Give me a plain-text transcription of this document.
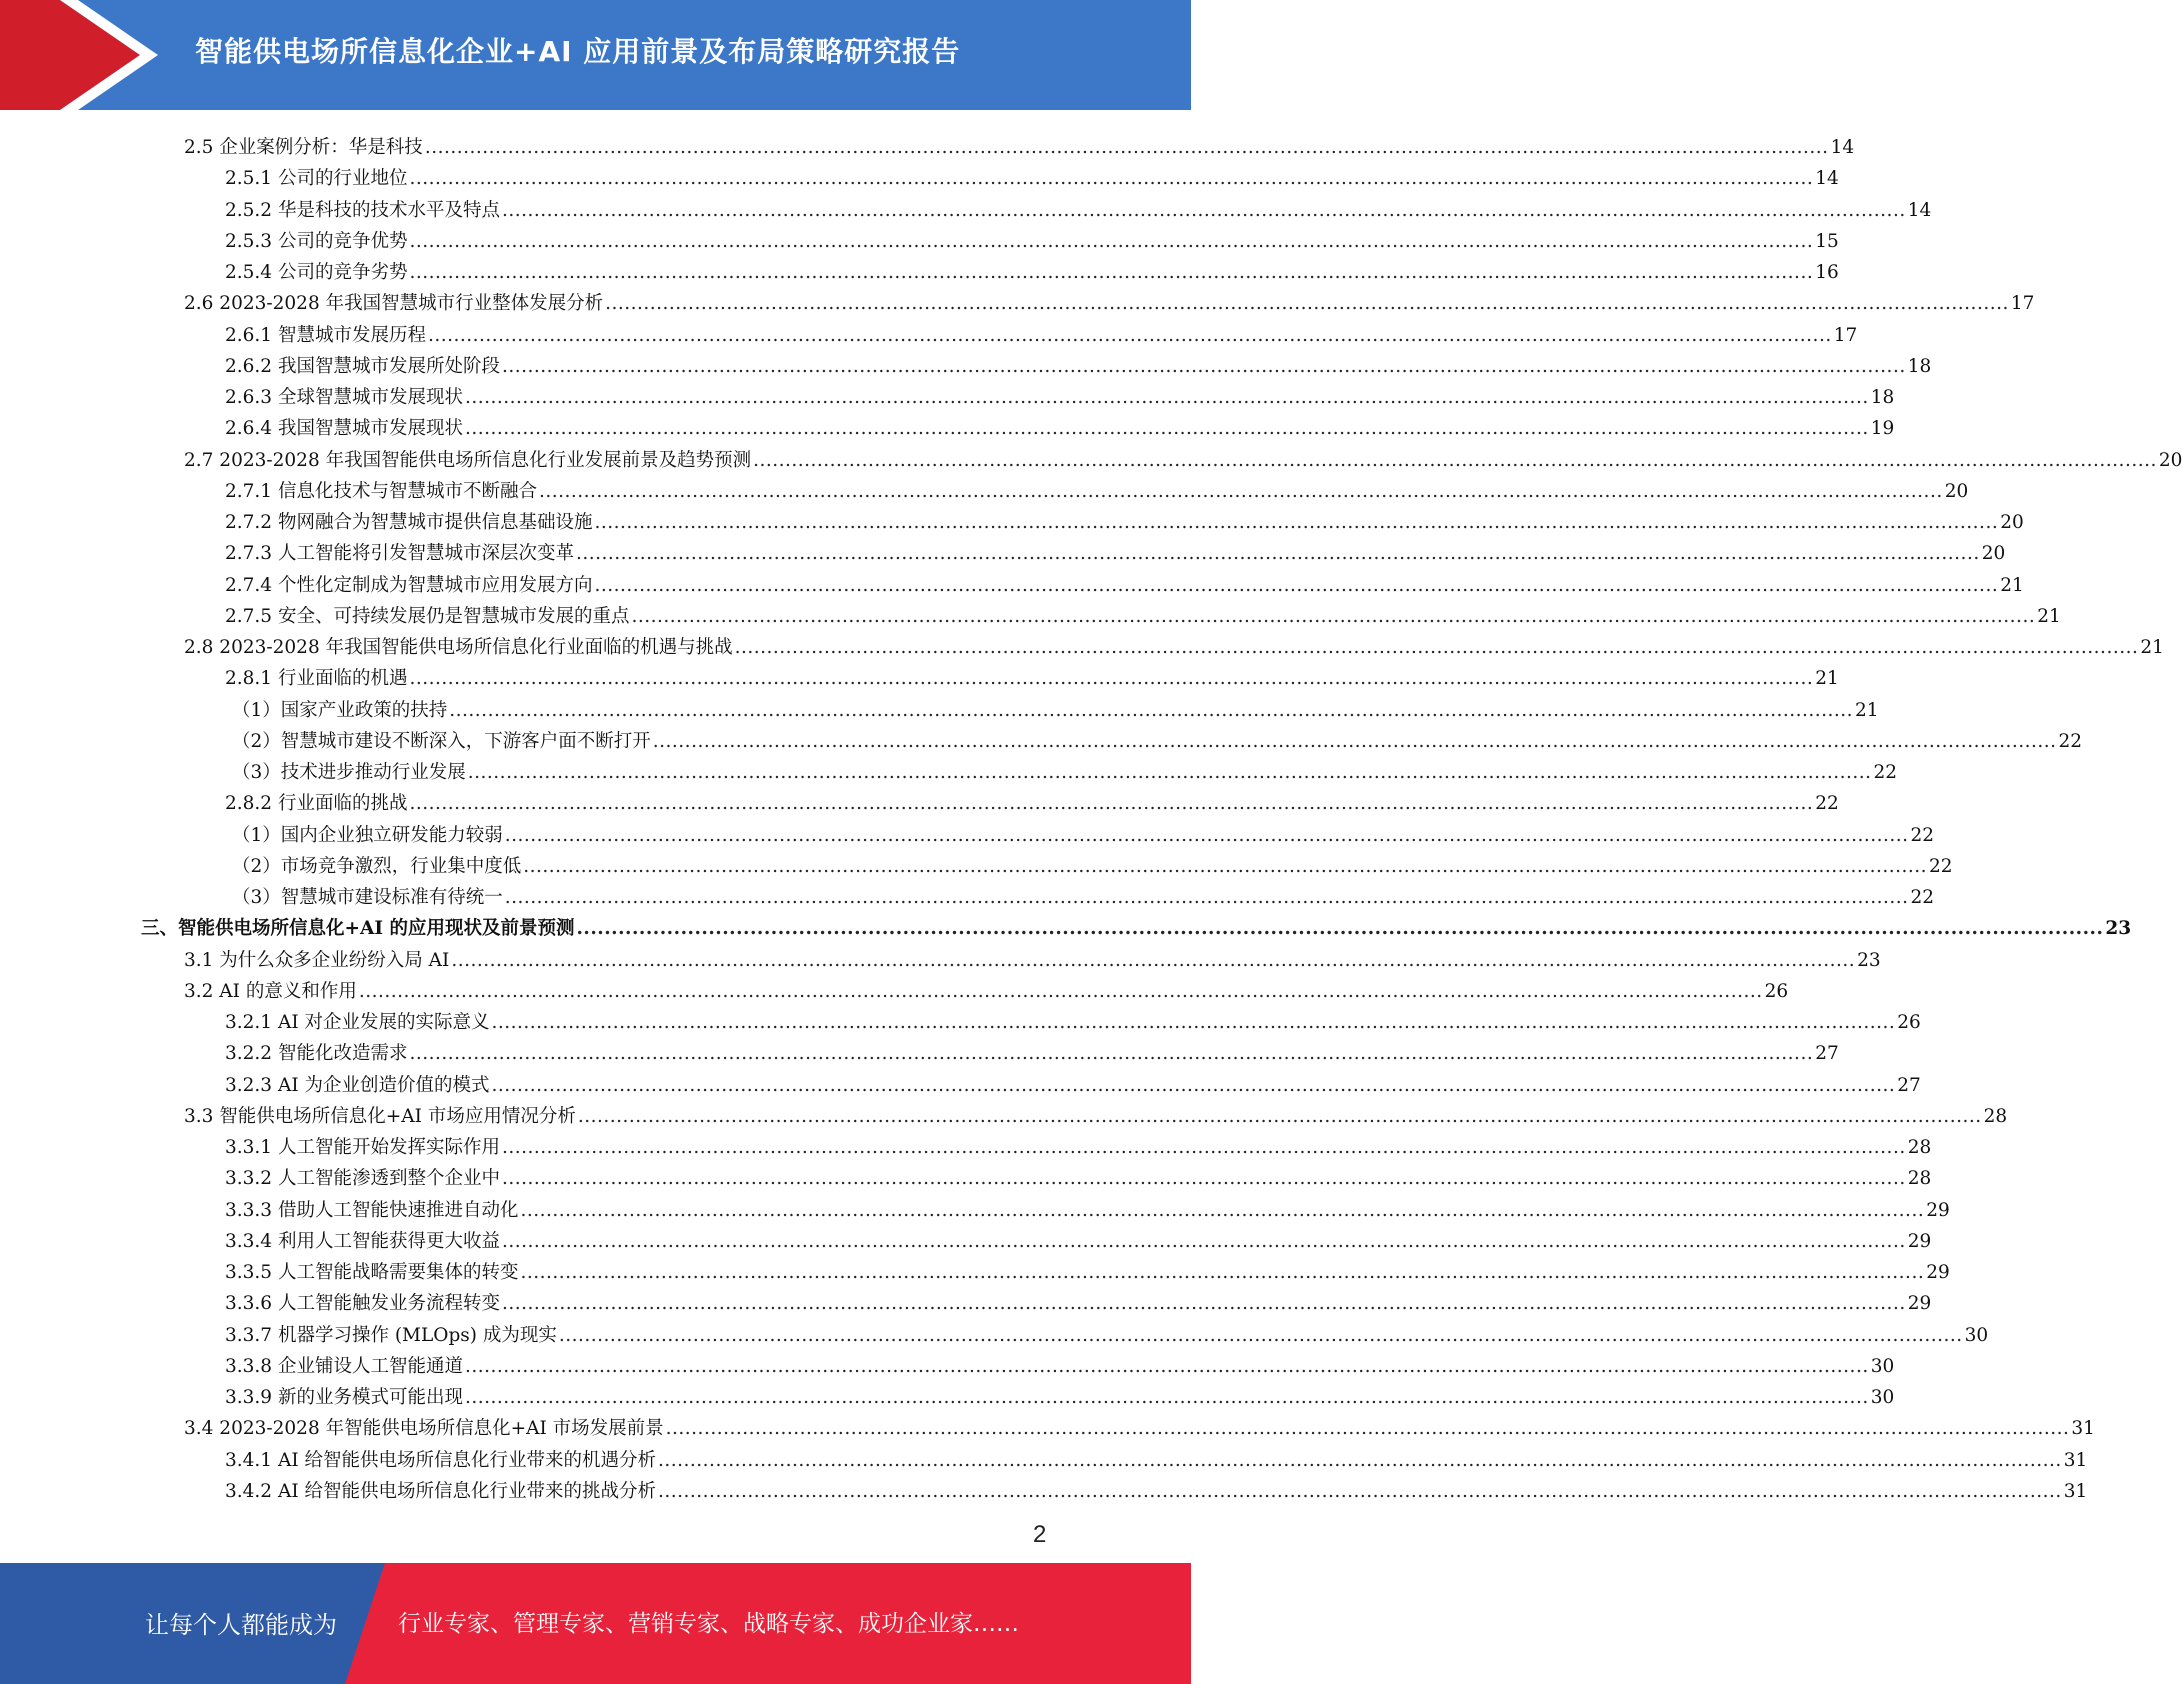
智能供电场所信息化企业+AI 应用前景及布局策略研究报告
2.5 企业案例分析：华是科技 ............................................................................................................................................................................................................................ 14
2.5.1 公司的行业地位 ............................................................................................................................................................................................................................ 14
2.5.2 华是科技的技术水平及特点 ............................................................................................................................................................................................................................ 14
2.5.3 公司的竞争优势 ............................................................................................................................................................................................................................ 15
2.5.4 公司的竞争劣势 ............................................................................................................................................................................................................................ 16
2.6 2023-2028 年我国智慧城市行业整体发展分析 ............................................................................................................................................................................................................................ 17
2.6.1 智慧城市发展历程 ............................................................................................................................................................................................................................ 17
2.6.2 我国智慧城市发展所处阶段 ............................................................................................................................................................................................................................ 18
2.6.3 全球智慧城市发展现状 ............................................................................................................................................................................................................................ 18
2.6.4 我国智慧城市发展现状 ............................................................................................................................................................................................................................ 19
2.7 2023-2028 年我国智能供电场所信息化行业发展前景及趋势预测 ............................................................................................................................................................................................................................ 20
2.7.1 信息化技术与智慧城市不断融合 ............................................................................................................................................................................................................................ 20
2.7.2 物网融合为智慧城市提供信息基础设施 ............................................................................................................................................................................................................................ 20
2.7.3 人工智能将引发智慧城市深层次变革 ............................................................................................................................................................................................................................ 20
2.7.4 个性化定制成为智慧城市应用发展方向 ............................................................................................................................................................................................................................ 21
2.7.5 安全、可持续发展仍是智慧城市发展的重点 ............................................................................................................................................................................................................................ 21
2.8 2023-2028 年我国智能供电场所信息化行业面临的机遇与挑战 ............................................................................................................................................................................................................................ 21
2.8.1 行业面临的机遇 ............................................................................................................................................................................................................................ 21
（1）国家产业政策的扶持 ............................................................................................................................................................................................................................ 21
（2）智慧城市建设不断深入，下游客户面不断打开 ............................................................................................................................................................................................................................ 22
（3）技术进步推动行业发展 ............................................................................................................................................................................................................................ 22
2.8.2 行业面临的挑战 ............................................................................................................................................................................................................................ 22
（1）国内企业独立研发能力较弱 ............................................................................................................................................................................................................................ 22
（2）市场竞争激烈，行业集中度低 ............................................................................................................................................................................................................................ 22
（3）智慧城市建设标准有待统一 ............................................................................................................................................................................................................................ 22
三、智能供电场所信息化+AI 的应用现状及前景预测 ............................................................................................................................................................................................................................ 23
3.1 为什么众多企业纷纷入局 AI ............................................................................................................................................................................................................................ 23
3.2 AI 的意义和作用 ............................................................................................................................................................................................................................ 26
3.2.1 AI 对企业发展的实际意义 ............................................................................................................................................................................................................................ 26
3.2.2 智能化改造需求 ............................................................................................................................................................................................................................ 27
3.2.3 AI 为企业创造价值的模式 ............................................................................................................................................................................................................................ 27
3.3 智能供电场所信息化+AI 市场应用情况分析 ............................................................................................................................................................................................................................ 28
3.3.1 人工智能开始发挥实际作用 ............................................................................................................................................................................................................................ 28
3.3.2 人工智能渗透到整个企业中 ............................................................................................................................................................................................................................ 28
3.3.3 借助人工智能快速推进自动化 ............................................................................................................................................................................................................................ 29
3.3.4 利用人工智能获得更大收益 ............................................................................................................................................................................................................................ 29
3.3.5 人工智能战略需要集体的转变 ............................................................................................................................................................................................................................ 29
3.3.6 人工智能触发业务流程转变 ............................................................................................................................................................................................................................ 29
3.3.7 机器学习操作 (MLOps) 成为现实 ............................................................................................................................................................................................................................ 30
3.3.8 企业铺设人工智能通道 ............................................................................................................................................................................................................................ 30
3.3.9 新的业务模式可能出现 ............................................................................................................................................................................................................................ 30
3.4 2023-2028 年智能供电场所信息化+AI 市场发展前景 ............................................................................................................................................................................................................................ 31
3.4.1 AI 给智能供电场所信息化行业带来的机遇分析 ............................................................................................................................................................................................................................ 31
3.4.2 AI 给智能供电场所信息化行业带来的挑战分析 ............................................................................................................................................................................................................................ 31
2
让每个人都能成为	行业专家、管理专家、营销专家、战略专家、成功企业家……
